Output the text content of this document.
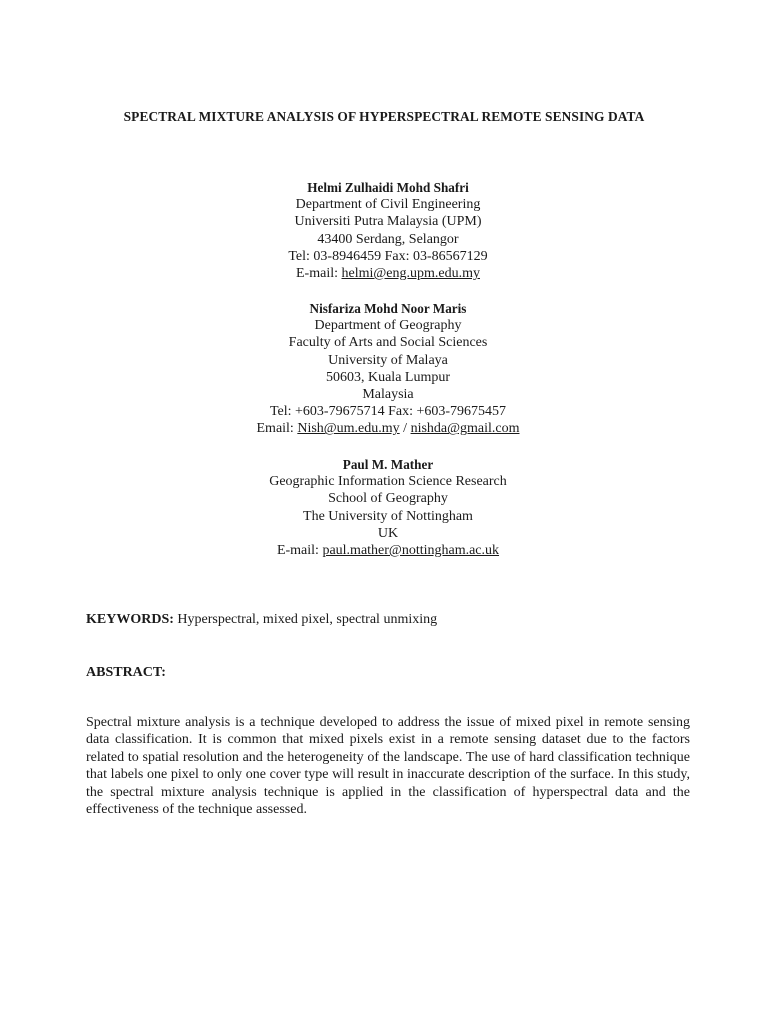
SPECTRAL MIXTURE ANALYSIS OF HYPERSPECTRAL REMOTE SENSING DATA
Helmi Zulhaidi Mohd Shafri
Department of Civil Engineering
Universiti Putra Malaysia (UPM)
43400 Serdang, Selangor
Tel: 03-8946459 Fax: 03-86567129
E-mail: helmi@eng.upm.edu.my
Nisfariza Mohd Noor Maris
Department of Geography
Faculty of Arts and Social Sciences
University of Malaya
50603, Kuala Lumpur
Malaysia
Tel: +603-79675714 Fax: +603-79675457
Email: Nish@um.edu.my / nishda@gmail.com
Paul M. Mather
Geographic Information Science Research
School of Geography
The University of Nottingham
UK
E-mail: paul.mather@nottingham.ac.uk
KEYWORDS: Hyperspectral, mixed pixel, spectral unmixing
ABSTRACT:
Spectral mixture analysis is a technique developed to address the issue of mixed pixel in remote sensing data classification. It is common that mixed pixels exist in a remote sensing dataset due to the factors related to spatial resolution and the heterogeneity of the landscape. The use of hard classification technique that labels one pixel to only one cover type will result in inaccurate description of the surface. In this study, the spectral mixture analysis technique is applied in the classification of hyperspectral data and the effectiveness of the technique assessed.
